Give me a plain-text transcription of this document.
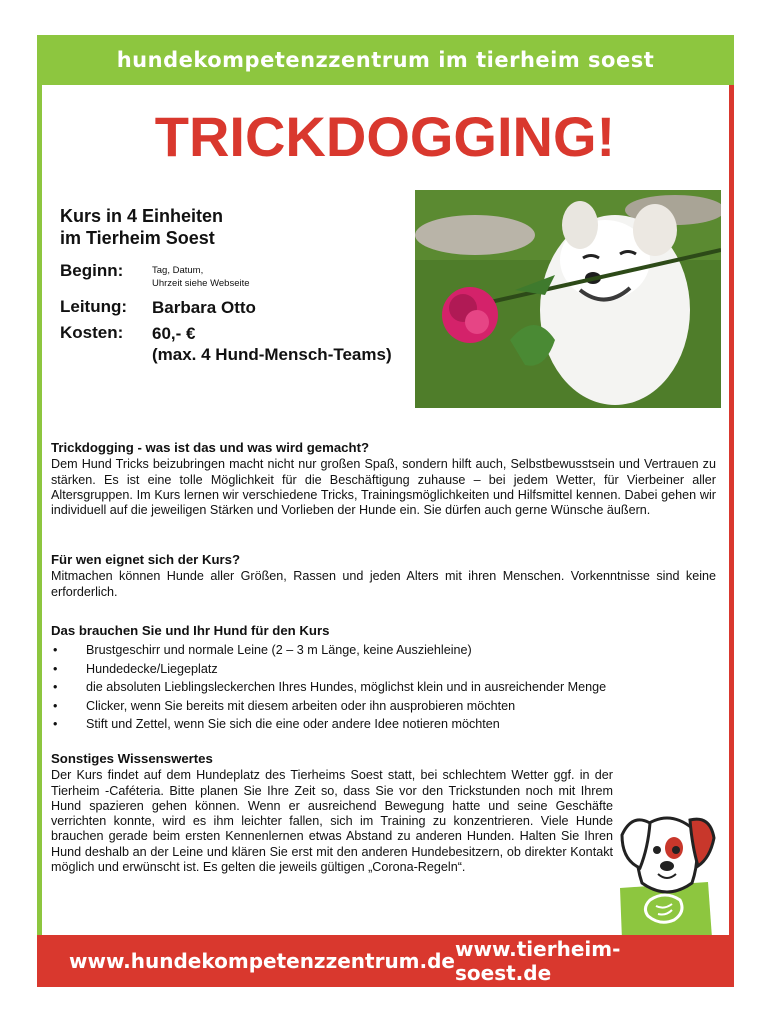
hundekompetenzzentrum im tierheim soest
TRICKDOGGING!
Kurs in 4 Einheiten
im Tierheim Soest
Beginn:	Tag, Datum,
Uhrzeit siehe Webseite
Leitung:	Barbara Otto
Kosten:	60,- €
(max. 4 Hund-Mensch-Teams)
Trickdogging - was ist das und was wird gemacht?

Dem Hund Tricks beizubringen macht nicht nur großen Spaß, sondern hilft auch, Selbstbewusstsein und Vertrauen zu stärken. Es ist eine tolle Möglichkeit für die Beschäftigung zuhause – bei jedem Wetter, für Vierbeiner aller Altersgruppen. Im Kurs lernen wir verschiedene Tricks, Trainingsmöglichkeiten und Hilfsmittel kennen. Dabei gehen wir individuell auf die jeweiligen Stärken und Vorlieben der Hunde ein. Sie dürfen auch gerne Wünsche äußern.

Für wen eignet sich der Kurs?

Mitmachen können Hunde aller Größen, Rassen und jeden Alters mit ihren Menschen. Vorkenntnisse sind keine erforderlich.

Das brauchen Sie und Ihr Hund für den Kurs
• Brustgeschirr und normale Leine (2 – 3 m Länge, keine Ausziehleine)
• Hundedecke/Liegeplatz
• die absoluten Lieblingsleckerchen Ihres Hundes, möglichst klein und in ausreichender Menge
• Clicker, wenn Sie bereits mit diesem arbeiten oder ihn ausprobieren möchten
• Stift und Zettel, wenn Sie sich die eine oder andere Idee notieren möchten
Sonstiges Wissenswertes

Der Kurs findet auf dem Hundeplatz des Tierheims Soest statt, bei schlechtem Wetter ggf. in der Tierheim -Caféteria. Bitte planen Sie Ihre Zeit so, dass Sie vor den Trickstunden noch mit Ihrem Hund spazieren gehen können. Wenn er ausreichend Bewegung hatte und seine Geschäfte verrichten konnte, wird es ihm leichter fallen, sich im Training zu konzentrieren. Viele Hunde brauchen gerade beim ersten Kennenlernen etwas Abstand zu anderen Hunden. Halten Sie Ihren Hund deshalb an der Leine und klären Sie erst mit den anderen Hundebesitzern, ob direkter Kontakt möglich und erwünscht ist. Es gelten die jeweils gültigen „Corona-Regeln“.

www.hundekompetenzzentrum.de www.tierheim-soest.de
